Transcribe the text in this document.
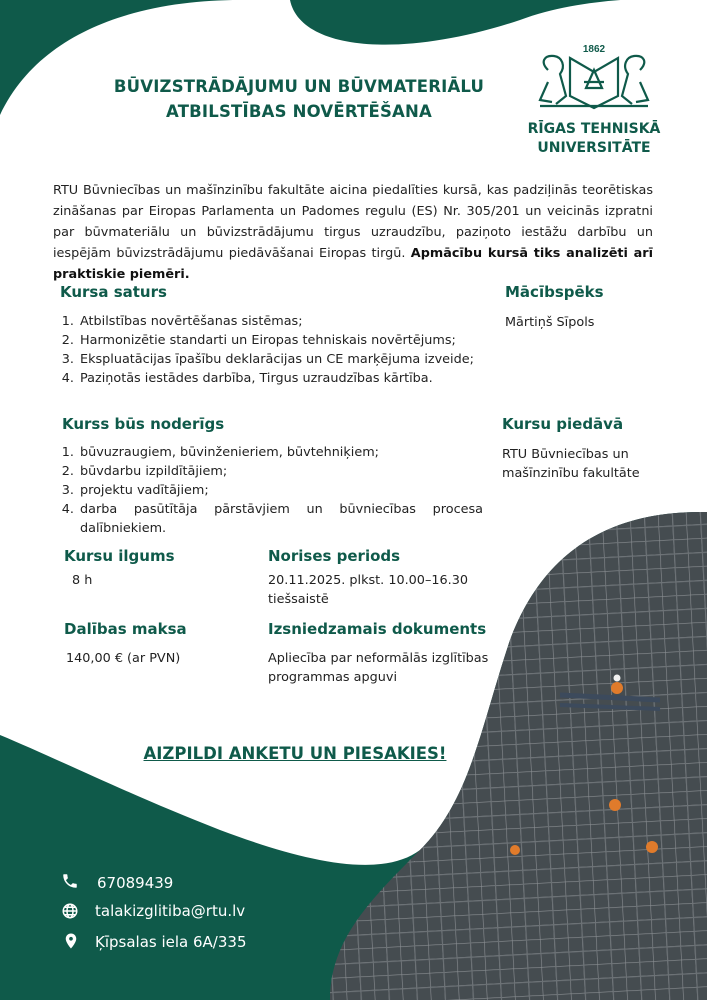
1862
BŪVIZSTRĀDĀJUMU UN BŪVMATERIĀLU
ATBILSTĪBAS NOVĒRTĒŠANA
RĪGAS TEHNISKĀ
UNIVERSITĀTE
RTU Būvniecības un mašīnzinību fakultāte aicina piedalīties kursā, kas padziļinās teorētiskas zināšanas par Eiropas Parlamenta un Padomes regulu (ES) Nr. 305/201 un veicinās izpratni par būvmateriālu un būvizstrādājumu tirgus uzraudzību, paziņoto iestāžu darbību un iespējām būvizstrādājumu piedāvāšanai Eiropas tirgū. Apmācību kursā tiks analizēti arī praktiskie piemēri.
Kursa saturs
1. Atbilstības novērtēšanas sistēmas;
2. Harmonizētie standarti un Eiropas tehniskais novērtējums;
3. Ekspluatācijas īpašību deklarācijas un CE marķējuma izveide;
4. Paziņotās iestādes darbība, Tirgus uzraudzības kārtība.
Mācībspēks
Mārtiņš Sīpols
Kurss būs noderīgs
1. būvuzraugiem, būvinženieriem, būvtehniķiem;
2. būvdarbu izpildītājiem;
3. projektu vadītājiem;
4. darba pasūtītāja pārstāvjiem un būvniecības procesa dalībniekiem.
Kursu piedāvā
RTU Būvniecības un
mašīnzinību fakultāte
Kursu ilgums
8 h
Norises periods
20.11.2025. plkst. 10.00–16.30
tiešsaistē
Dalības maksa
140,00 € (ar PVN)
Izsniedzamais dokuments
Apliecība par neformālās izglītības
programmas apguvi
AIZPILDI ANKETU UN PIESAKIES!
67089439
talakizglitiba@rtu.lv
Ķīpsalas iela 6A/335
